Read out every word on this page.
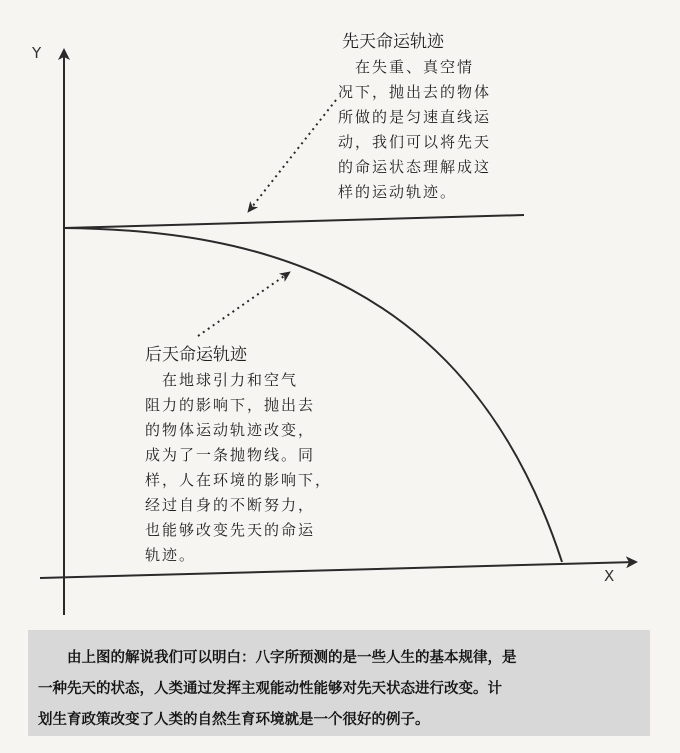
Y
X
先天命运轨迹
　在失重、真空情
况下，抛出去的物体
所做的是匀速直线运
动，我们可以将先天
的命运状态理解成这
样的运动轨迹。
后天命运轨迹
　在地球引力和空气
阻力的影响下，抛出去
的物体运动轨迹改变，
成为了一条抛物线。同
样，人在环境的影响下，
经过自身的不断努力，
也能够改变先天的命运
轨迹。
　　由上图的解说我们可以明白：八字所预测的是一些人生的基本规律，是
一种先天的状态，人类通过发挥主观能动性能够对先天状态进行改变。计
划生育政策改变了人类的自然生育环境就是一个很好的例子。
